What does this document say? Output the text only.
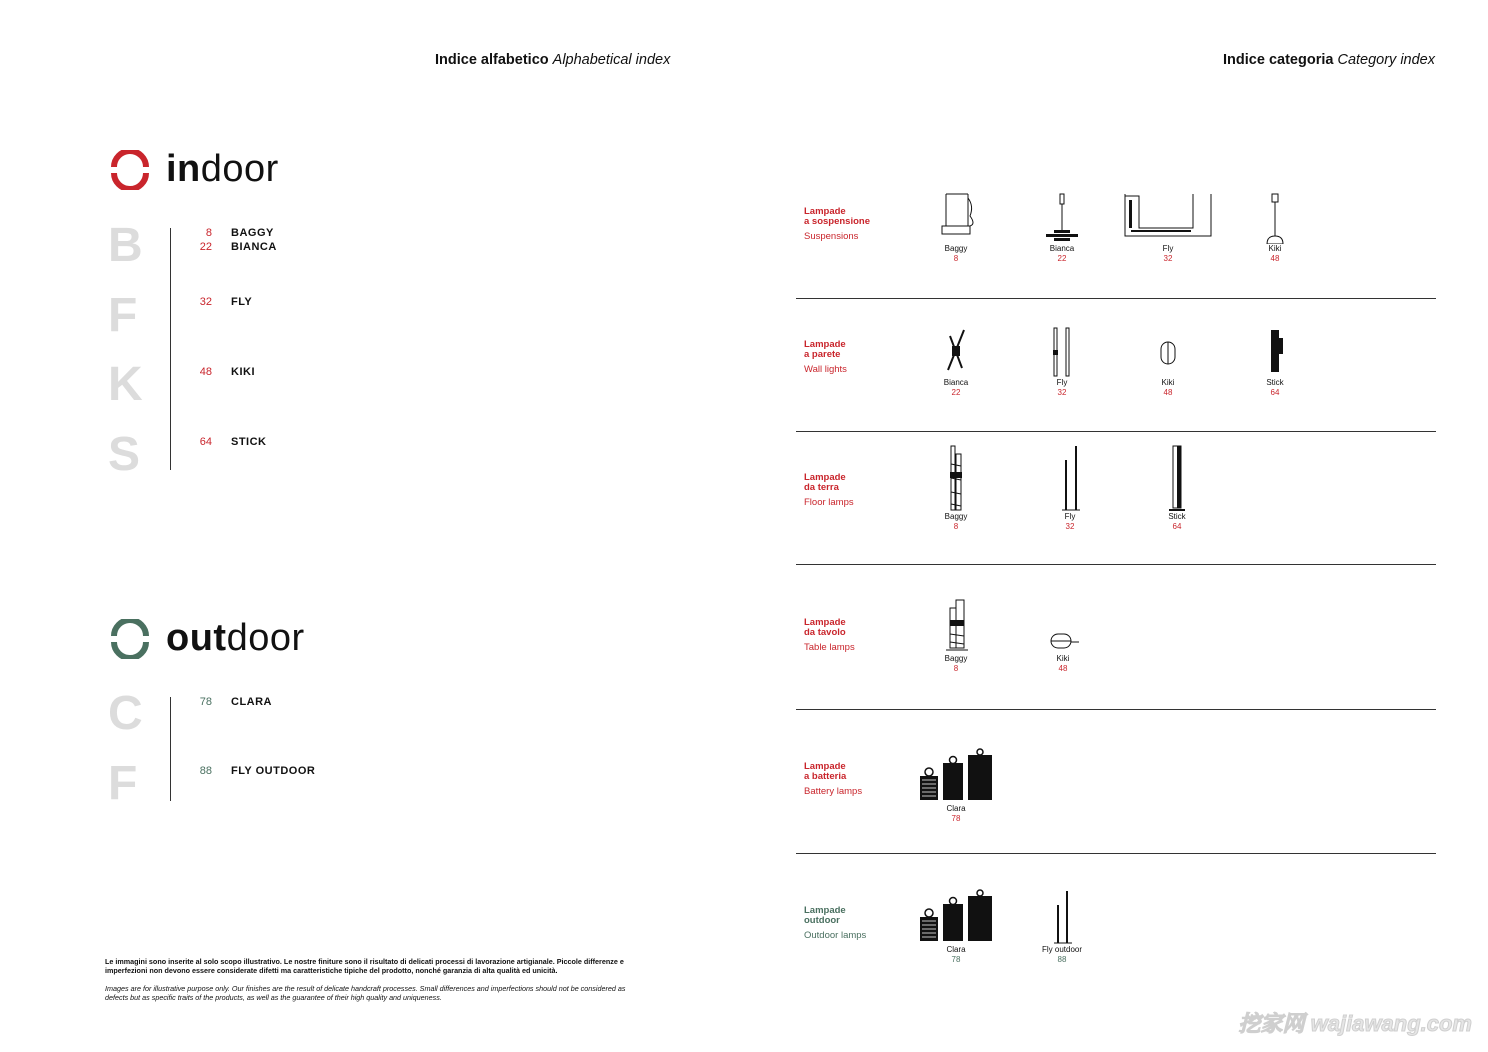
Indice alfabetico Alphabetical index	Indice categoria Category index
indoor
B
F
K
S
8 BAGGY
22 BIANCA
32 FLY
48 KIKI
64 STICK
outdoor
C
F
78 CLARA
88 FLY OUTDOOR
Le immagini sono inserite al solo scopo illustrativo. Le nostre finiture sono il risultato di delicati processi di lavorazione artigianale. Piccole differenze e imperfezioni non devono essere considerate difetti ma caratteristiche tipiche del prodotto, nonché garanzia di alta qualità ed unicità.
Images are for illustrative purpose only. Our finishes are the result of delicate handcraft processes. Small differences and imperfections should not be considered as defects but as specific traits of the products, as well as the guarantee of their high quality and uniqueness.
Lampade
a sospensione
Suspensions
Baggy
8
Bianca
22
Fly
32
Kiki
48
Lampade
a parete
Wall lights
Bianca
22
Fly
32
Kiki
48
Stick
64
Lampade
da terra
Floor lamps
Baggy
8
Fly
32
Stick
64
Lampade
da tavolo
Table lamps
Baggy
8
Kiki
48
Lampade
a batteria
Battery lamps
Clara
78
Lampade
outdoor
Outdoor lamps
Clara
78
Fly outdoor
88
挖家网 wajiawang.com
